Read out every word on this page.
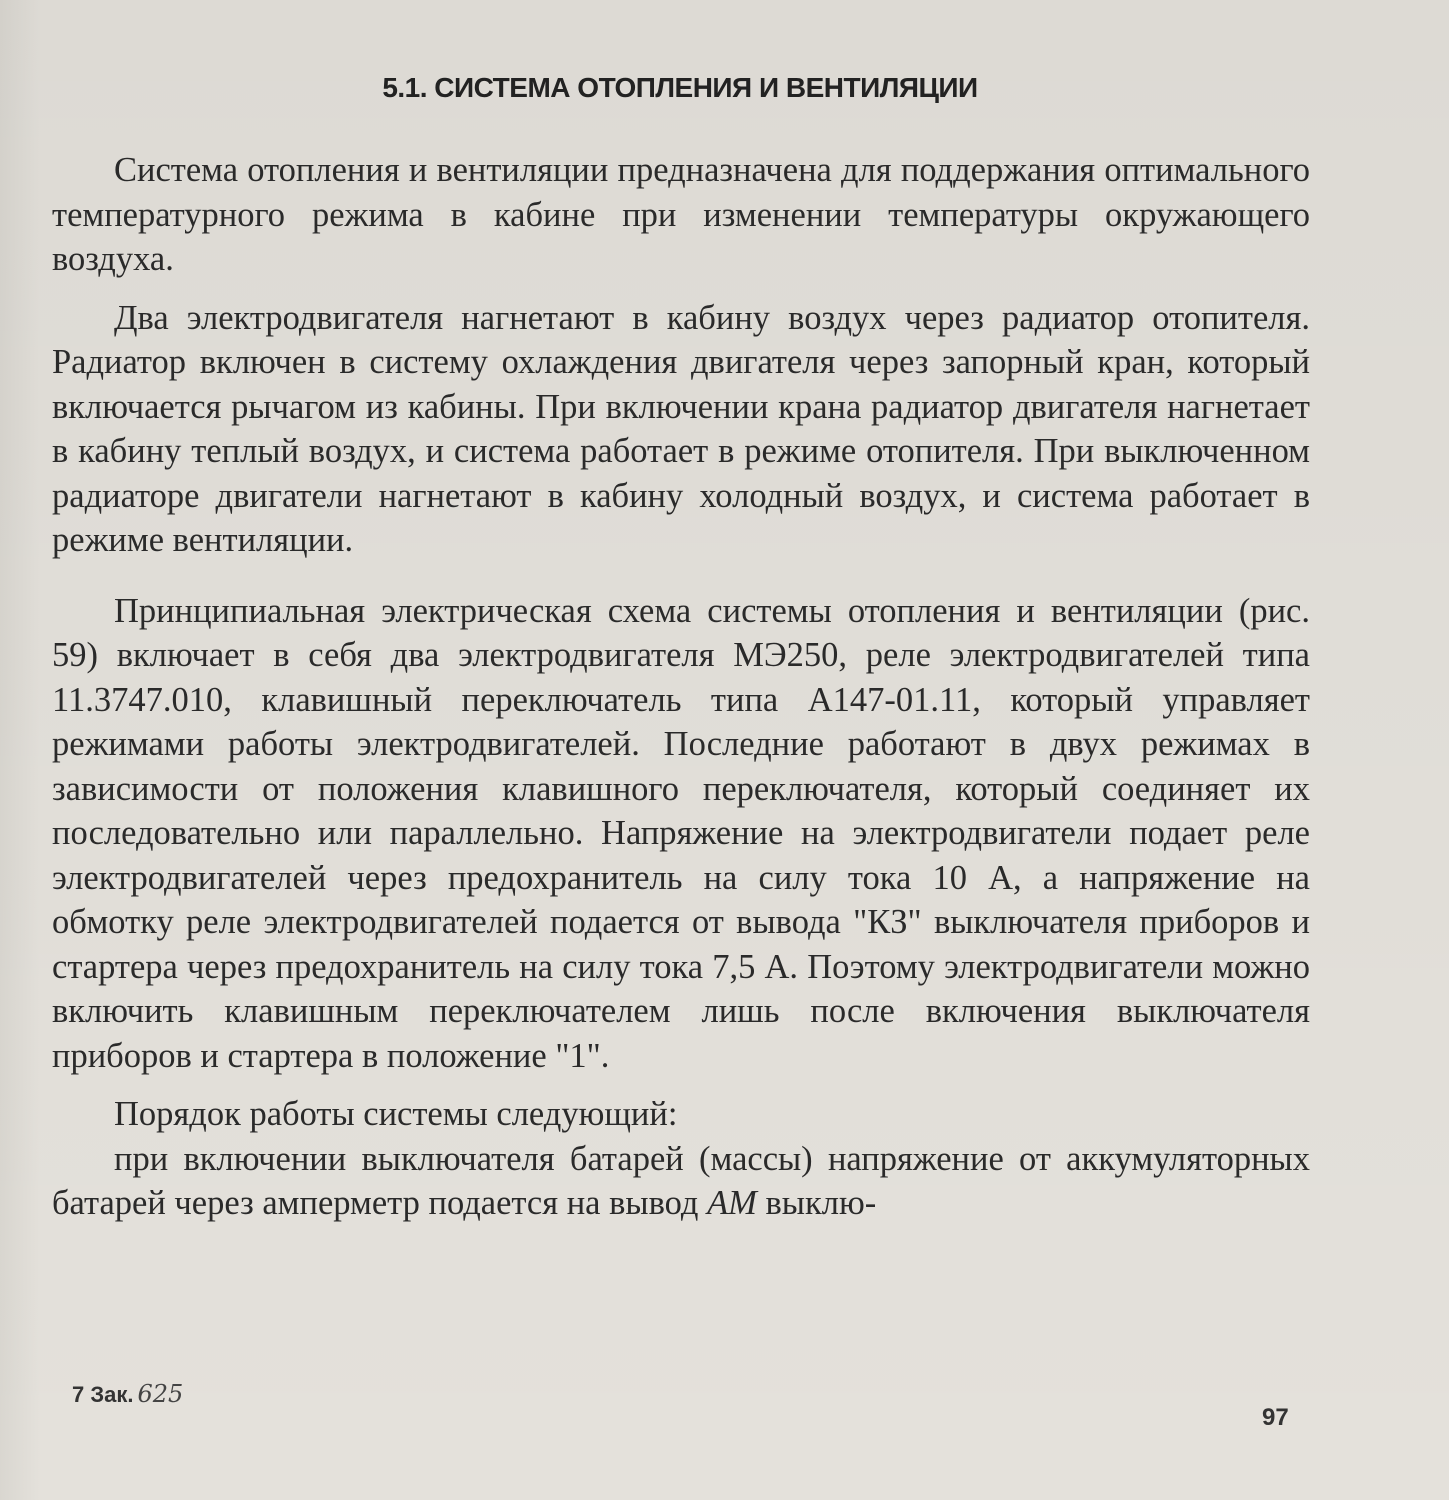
5.1. СИСТЕМА ОТОПЛЕНИЯ И ВЕНТИЛЯЦИИ

Система отопления и вентиляции предназначена для поддержания оптимального температурного режима в кабине при изменении температуры окружающего воздуха.

Два электродвигателя нагнетают в кабину воздух через радиатор отопителя. Радиатор включен в систему охлаждения двигателя через запорный кран, который включается рычагом из кабины. При включении крана радиатор двигателя нагнетает в кабину теплый воздух, и система работает в режиме отопителя. При выключенном радиаторе двигатели нагнетают в кабину холодный воздух, и система работает в режиме вентиляции.

Принципиальная электрическая схема системы отопления и вентиляции (рис. 59) включает в себя два электродвигателя МЭ250, реле электродвигателей типа 11.3747.010, клавишный переключатель типа А147-01.11, который управляет режимами работы электродвигателей. Последние работают в двух режимах в зависимости от положения клавишного переключателя, который соединяет их последовательно или параллельно. Напряжение на электродвигатели подает реле электродвигателей через предохранитель на силу тока 10 А, а напряжение на обмотку реле электродвигателей подается от вывода "КЗ" выключателя приборов и стартера через предохранитель на силу тока 7,5 А. Поэтому электродвигатели можно включить клавишным переключателем лишь после включения выключателя приборов и стартера в положение "1".

Порядок работы системы следующий:

при включении выключателя батарей (массы) напряжение от аккумуляторных батарей через амперметр подается на вывод АМ выклю-

7 Зак. 625
97
